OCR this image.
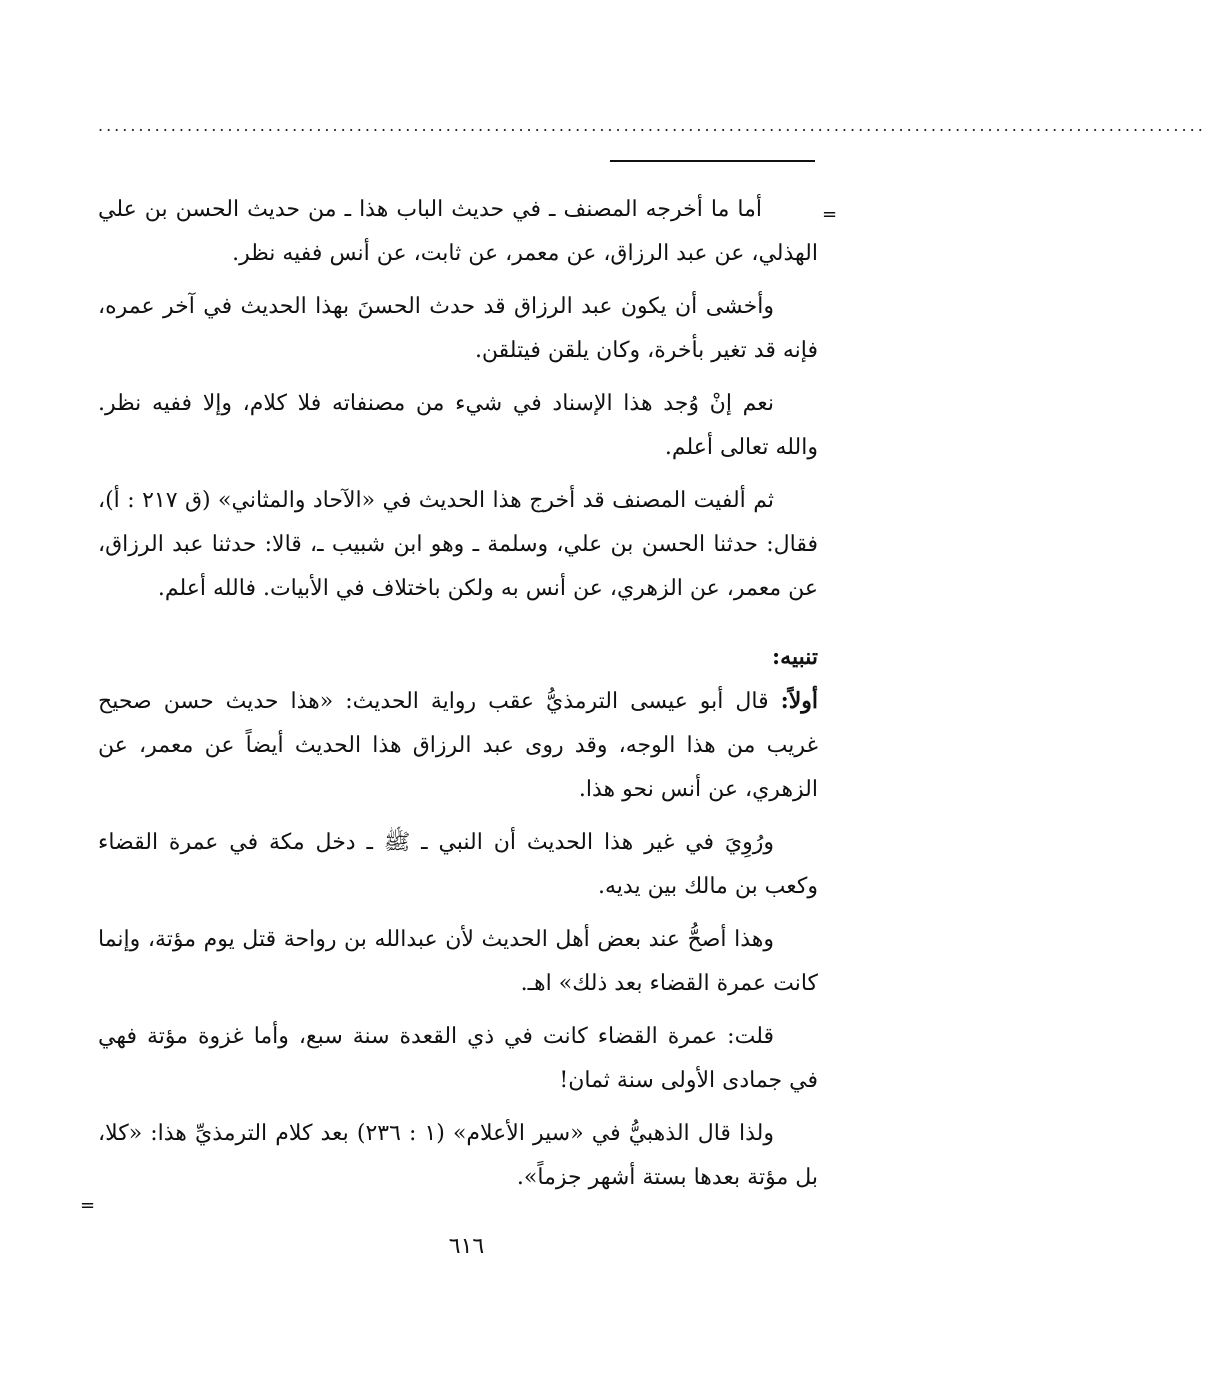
.........................................................................................................................................
=

أما ما أخرجه المصنف ـ في حديث الباب هذا ـ من حديث الحسن بن علي الهذلي، عن عبد الرزاق، عن معمر، عن ثابت، عن أنس ففيه نظر.

وأخشى أن يكون عبد الرزاق قد حدث الحسنَ بهذا الحديث في آخر عمره، فإنه قد تغير بأخرة، وكان يلقن فيتلقن.

نعم إنْ وُجد هذا الإسناد في شيء من مصنفاته فلا كلام، وإلا ففيه نظر. والله تعالى أعلم.

ثم ألفيت المصنف قد أخرج هذا الحديث في «الآحاد والمثاني» (ق ٢١٧ : أ)، فقال: حدثنا الحسن بن علي، وسلمة ـ وهو ابن شبيب ـ، قالا: حدثنا عبد الرزاق، عن معمر، عن الزهري، عن أنس به ولكن باختلاف في الأبيات. فالله أعلم.

تنبيه:

أولاً: قال أبو عيسى الترمذيُّ عقب رواية الحديث: «هذا حديث حسن صحيح غريب من هذا الوجه، وقد روى عبد الرزاق هذا الحديث أيضاً عن معمر، عن الزهري، عن أنس نحو هذا.

ورُوِيَ في غير هذا الحديث أن النبي ـ ﷺ ـ دخل مكة في عمرة القضاء وكعب بن مالك بين يديه.

وهذا أصحُّ عند بعض أهل الحديث لأن عبدالله بن رواحة قتل يوم مؤتة، وإنما كانت عمرة القضاء بعد ذلك» اهـ.

قلت: عمرة القضاء كانت في ذي القعدة سنة سبع، وأما غزوة مؤتة فهي في جمادى الأولى سنة ثمان!

ولذا قال الذهبيُّ في «سير الأعلام» (١ : ٢٣٦) بعد كلام الترمذيِّ هذا: «كلا، بل مؤتة بعدها بستة أشهر جزماً».

=
٦١٦
